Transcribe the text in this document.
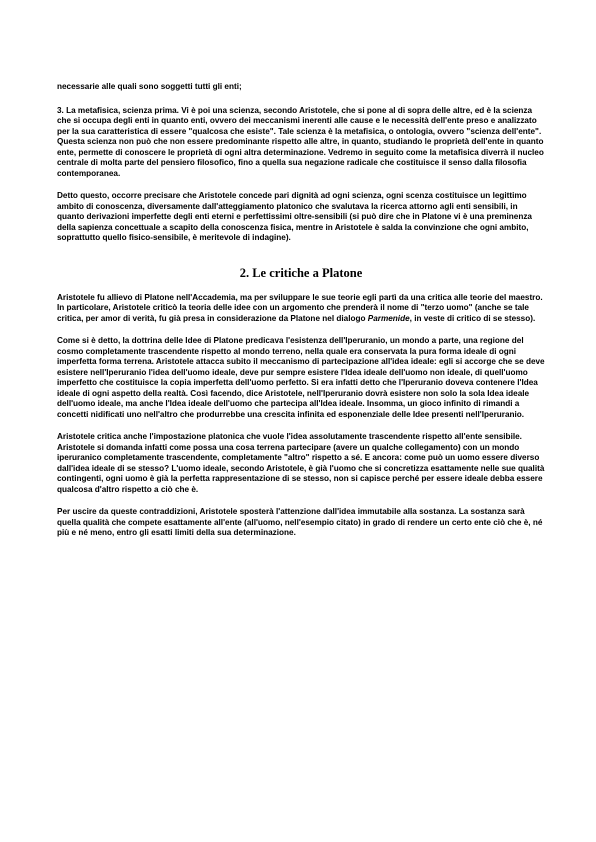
necessarie alle quali sono soggetti tutti gli enti;

3. La metafisica, scienza prima. Vi è poi una scienza, secondo Aristotele, che si pone al di sopra delle altre, ed è la scienza che si occupa degli enti in quanto enti, ovvero dei meccanismi inerenti alle cause e le necessità dell'ente preso e analizzato per la sua caratteristica di essere "qualcosa che esiste". Tale scienza è la metafisica, o ontologia, ovvero "scienza dell'ente". Questa scienza non può che non essere predominante rispetto alle altre, in quanto, studiando le proprietà dell'ente in quanto ente, permette di conoscere le proprietà di ogni altra determinazione. Vedremo in seguito come la metafisica diverrà il nucleo centrale di molta parte del pensiero filosofico, fino a quella sua negazione radicale che costituisce il senso dalla filosofia contemporanea.

Detto questo, occorre precisare che Aristotele concede pari dignità ad ogni scienza, ogni scenza costituisce un legittimo ambito di conoscenza, diversamente dall'atteggiamento platonico che svalutava la ricerca attorno agli enti sensibili, in quanto derivazioni imperfette degli enti eterni e perfettissimi oltre-sensibili (si può dire che in Platone vi è una preminenza della sapienza concettuale a scapito della conoscenza fisica, mentre in Aristotele è salda la convinzione che ogni ambito, soprattutto quello fisico-sensibile, è meritevole di indagine).

2. Le critiche a Platone

Aristotele fu allievo di Platone nell'Accademia, ma per sviluppare le sue teorie egli partì da una critica alle teorie del maestro. In particolare, Aristotele criticò la teoria delle idee con un argomento che prenderà il nome di "terzo uomo" (anche se tale critica, per amor di verità, fu già presa in considerazione da Platone nel dialogo Parmenide, in veste di critico di se stesso).

Come si è detto, la dottrina delle Idee di Platone predicava l'esistenza dell'Iperuranio, un mondo a parte, una regione del cosmo completamente trascendente rispetto al mondo terreno, nella quale era conservata la pura forma ideale di ogni imperfetta forma terrena. Aristotele attacca subito il meccanismo di partecipazione all'idea ideale: egli si accorge che se deve esistere nell'Iperuranio l'idea dell'uomo ideale, deve pur sempre esistere l'Idea ideale dell'uomo non ideale, di quell'uomo imperfetto che costituisce la copia imperfetta dell'uomo perfetto. Si era infatti detto che l'Iperuranio doveva contenere l'Idea ideale di ogni aspetto della realtà. Così facendo, dice Aristotele, nell'Iperuranio dovrà esistere non solo la sola Idea ideale dell'uomo ideale, ma anche l'Idea ideale dell'uomo che partecipa all'Idea ideale. Insomma, un gioco infinito di rimandi a concetti nidificati uno nell'altro che produrrebbe una crescita infinita ed esponenziale delle Idee presenti nell'Iperuranio.

Aristotele critica anche l'impostazione platonica che vuole l'idea assolutamente trascendente rispetto all'ente sensibile. Aristotele si domanda infatti come possa una cosa terrena partecipare (avere un qualche collegamento) con un mondo iperuranico completamente trascendente, completamente "altro" rispetto a sé. E ancora: come può un uomo essere diverso dall'idea ideale di se stesso? L'uomo ideale, secondo Aristotele, è già l'uomo che si concretizza esattamente nelle sue qualità contingenti, ogni uomo è già la perfetta rappresentazione di se stesso, non si capisce perché per essere ideale debba essere qualcosa d'altro rispetto a ciò che è.

Per uscire da queste contraddizioni, Aristotele sposterà l'attenzione dall'idea immutabile alla sostanza. La sostanza sarà quella qualità che compete esattamente all'ente (all'uomo, nell'esempio citato) in grado di rendere un certo ente ciò che è, né più e né meno, entro gli esatti limiti della sua determinazione.
